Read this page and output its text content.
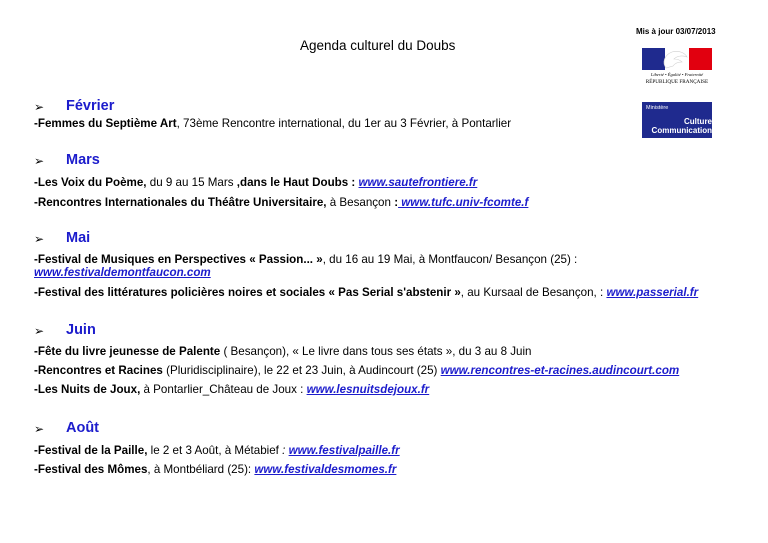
Mis à jour 03/07/2013
Agenda culturel du Doubs
Liberté • Égalité • Fraternité
RÉPUBLIQUE FRANÇAISE
Ministère
Culture
Communication
➢ Février
-Femmes du Septième Art, 73ème Rencontre international, du 1er au 3 Février, à Pontarlier
➢ Mars
-Les Voix du Poème, du 9 au 15 Mars ,dans le Haut Doubs : www.sautefrontiere.fr
-Rencontres Internationales du Théâtre Universitaire, à Besançon : www.tufc.univ-fcomte.f
➢ Mai
-Festival de Musiques en Perspectives « Passion... », du 16 au 19 Mai, à Montfaucon/ Besançon (25) :
www.festivaldemontfaucon.com
-Festival des littératures policières noires et sociales « Pas Serial s'abstenir », au Kursaal de Besançon, : www.passerial.fr
➢ Juin
-Fête du livre jeunesse de Palente ( Besançon), « Le livre dans tous ses états », du 3 au 8 Juin
-Rencontres et Racines (Pluridisciplinaire), le 22 et 23 Juin, à Audincourt (25) www.rencontres-et-racines.audincourt.com
-Les Nuits de Joux, à Pontarlier_Château de Joux : www.lesnuitsdejoux.fr
➢ Août
-Festival de la Paille, le 2 et 3 Août, à Métabief : www.festivalpaille.fr
-Festival des Mômes, à Montbéliard (25): www.festivaldesmomes.fr
